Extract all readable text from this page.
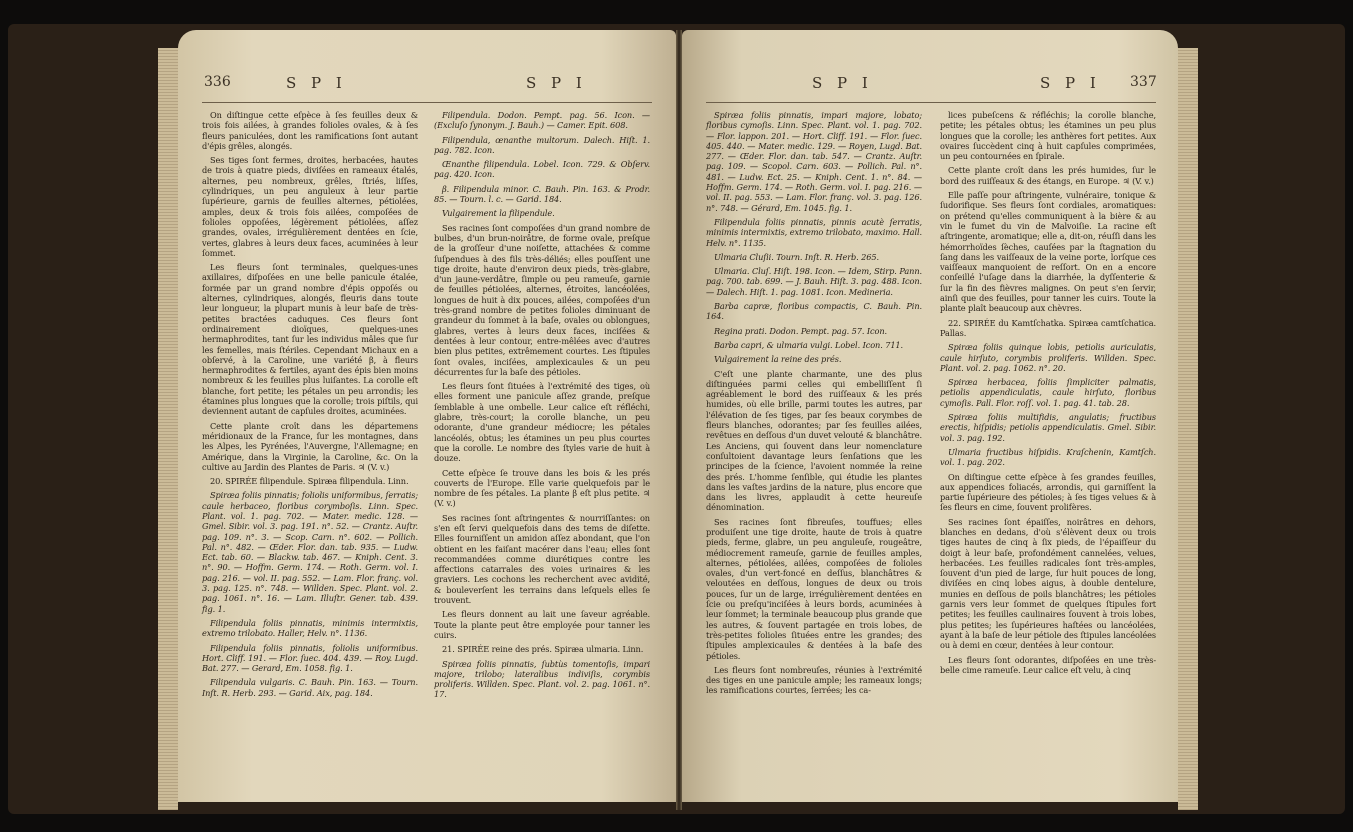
336	S P I	S P I

On diſtingue cette eſpèce à ſes feuilles deux & trois fois ailées, à grandes folioles ovales, & à ſes fleurs paniculées, dont les ramifications ſont autant d'épis grêles, alongés.

Ses tiges ſont fermes, droites, herbacées, hautes de trois à quatre pieds, diviſées en rameaux étalés, alternes, peu nombreux, grêles, ſtriés, liſſes, cylindriques, un peu anguleux à leur partie ſupérieure, garnis de feuilles alternes, pétiolées, amples, deux & trois fois ailées, compoſées de folioles oppoſées, légèrement pétiolées, aſſez grandes, ovales, irrégulièrement dentées en ſcie, vertes, glabres à leurs deux faces, acuminées à leur ſommet.

Les fleurs ſont terminales, quelques-unes axillaires, diſpoſées en une belle panicule étalée, formée par un grand nombre d'épis oppoſés ou alternes, cylindriques, alongés, fleuris dans toute leur longueur, la plupart munis à leur baſe de très-petites bractées caduques. Ces fleurs ſont ordinairement dioïques, quelques-unes hermaphrodites, tant ſur les individus mâles que ſur les femelles, mais ſtériles. Cependant Michaux en a obſervé, à la Caroline, une variété β, à fleurs hermaphrodites & fertiles, ayant des épis bien moins nombreux & les feuilles plus luiſantes. La corolle eſt blanche, fort petite; les pétales un peu arrondis; les étamines plus longues que la corolle; trois piſtils, qui deviennent autant de capſules droites, acuminées.

Cette plante croît dans les départemens méridionaux de la France, ſur les montagnes, dans les Alpes, les Pyrénées, l'Auvergne, l'Allemagne; en Amérique, dans la Virginie, la Caroline, &c. On la cultive au Jardin des Plantes de Paris. ♃ (V. v.)

20. SPIRÉE filipendule. Spiræa filipendula. Linn.

Spiræa foliis pinnatis; foliolis uniformibus, ſerratis; caule herbaceo, floribus corymboſis. Linn. Spec. Plant. vol. 1. pag. 702. — Mater. medic. 128. — Gmel. Sibir. vol. 3. pag. 191. n°. 52. — Crantz. Auſtr. pag. 109. n°. 3. — Scop. Carn. n°. 602. — Pollich. Pal. n°. 482. — Œder. Flor. dan. tab. 935. — Ludw. Ect. tab. 60. — Blackw. tab. 467. — Kniph. Cent. 3. n°. 90. — Hoffm. Germ. 174. — Roth. Germ. vol. I. pag. 216. — vol. II. pag. 552. — Lam. Flor. franç. vol. 3. pag. 125. n°. 748. — Willden. Spec. Plant. vol. 2. pag. 1061. n°. 16. — Lam. Illuſtr. Gener. tab. 439. fig. 1.

Filipendula foliis pinnatis, minimis intermixtis, extremo trilobato. Haller, Helv. n°. 1136.

Filipendula foliis pinnatis, foliolis uniformibus. Hort. Cliff. 191. — Flor. ſuec. 404. 439. — Roy. Lugd. Bat. 277. — Gerard, Em. 1058. fig. 1.

Filipendula vulgaris. C. Bauh. Pin. 163. — Tourn. Inſt. R. Herb. 293. — Garid. Aix, pag. 184.

Filipendula. Dodon. Pempt. pag. 56. Icon. — (Excluſo ſynonym. J. Bauh.) — Camer. Epit. 608.

Filipendula, œnanthe multorum. Dalech. Hiſt. 1. pag. 782. Icon.

Œnanthe filipendula. Lobel. Icon. 729. & Obſerv. pag. 420. Icon.

β. Filipendula minor. C. Bauh. Pin. 163. & Prodr. 85. — Tourn. l. c. — Garid. 184.

Vulgairement la filipendule.

Ses racines ſont compoſées d'un grand nombre de bulbes, d'un brun-noirâtre, de forme ovale, preſque de la groſſeur d'une noiſette, attachées & comme ſuſpendues à des fils très-déliés; elles pouſſent une tige droite, haute d'environ deux pieds, très-glabre, d'un jaune-verdâtre, ſimple ou peu rameuſe, garnie de feuilles pétiolées, alternes, étroites, lancéolées, longues de huit à dix pouces, ailées, compoſées d'un très-grand nombre de petites folioles diminuant de grandeur du ſommet à la baſe, ovales ou oblongues, glabres, vertes à leurs deux faces, inciſées & dentées à leur contour, entre-mêlées avec d'autres bien plus petites, extrêmement courtes. Les ſtipules ſont ovales, inciſées, amplexicaules & un peu décurrentes ſur la baſe des pétioles.

Les fleurs ſont ſituées à l'extrémité des tiges, où elles forment une panicule aſſez grande, preſque ſemblable à une ombelle. Leur calice eſt réfléchi, glabre, très-court; la corolle blanche, un peu odorante, d'une grandeur médiocre; les pétales lancéolés, obtus; les étamines un peu plus courtes que la corolle. Le nombre des ſtyles varie de huit à douze.

Cette eſpèce ſe trouve dans les bois & les prés couverts de l'Europe. Elle varie quelquefois par le nombre de ſes pétales. La plante β eſt plus petite. ♃ (V. v.)

Ses racines ſont aſtringentes & nourriſſantes: on s'en eſt ſervi quelquefois dans des tems de diſette. Elles fourniſſent un amidon aſſez abondant, que l'on obtient en les faiſant macérer dans l'eau; elles ſont recommandées comme diurétiques contre les affections catarrales des voies urinaires & les graviers. Les cochons les recherchent avec avidité, & bouleverſent les terrains dans leſquels elles ſe trouvent.

Les fleurs donnent au lait une ſaveur agréable. Toute la plante peut être employée pour tanner les cuirs.

21. SPIRÉE reine des prés. Spiræa ulmaria. Linn.

Spiræa foliis pinnatis, ſubtùs tomentoſis, impari majore, trilobo; lateralibus indiviſis, corymbis proliferis. Willden. Spec. Plant. vol. 2. pag. 1061. n°. 17.

S P I	S P I 337

Spiræa foliis pinnatis, impari majore, lobato; floribus cymoſis. Linn. Spec. Plant. vol. 1. pag. 702. — Flor. lappon. 201. — Hort. Cliff. 191. — Flor. ſuec. 405. 440. — Mater. medic. 129. — Royen, Lugd. Bat. 277. — Œder. Flor. dan. tab. 547. — Crantz. Auſtr. pag. 109. — Scopol. Carn. 603. — Pollich. Pal. n°. 481. — Ludw. Ect. 25. — Kniph. Cent. 1. n°. 84. — Hoffm. Germ. 174. — Roth. Germ. vol. I. pag. 216. — vol. II. pag. 553. — Lam. Flor. franç. vol. 3. pag. 126. n°. 748. — Gérard, Em. 1045. fig. 1.

Filipendula foliis pinnatis, pinnis acutè ſerratis, minimis intermixtis, extremo trilobato, maximo. Hall. Helv. n°. 1135.

Ulmaria Cluſii. Tourn. Inſt. R. Herb. 265.

Ulmaria. Cluſ. Hiſt. 198. Icon. — Idem, Stirp. Pann. pag. 700. tab. 699. — J. Bauh. Hiſt. 3. pag. 488. Icon. — Dalech. Hiſt. 1. pag. 1081. Icon. Medineria.

Barba capræ, floribus compactis, C. Bauh. Pin. 164.

Regina prati. Dodon. Pempt. pag. 57. Icon.

Barba capri, & ulmaria vulgi. Lobel. Icon. 711.

Vulgairement la reine des prés.

C'eſt une plante charmante, une des plus diſtinguées parmi celles qui embelliſſent ſi agréablement le bord des ruiſſeaux & les prés humides, où elle brille, parmi toutes les autres, par l'élévation de ſes tiges, par ſes beaux corymbes de fleurs blanches, odorantes; par ſes feuilles ailées, revêtues en deſſous d'un duvet velouté & blanchâtre. Les Anciens, qui ſouvent dans leur nomenclature conſultoient davantage leurs ſenſations que les principes de la ſcience, l'avoient nommée la reine des prés. L'homme ſenſible, qui étudie les plantes dans les vaſtes jardins de la nature, plus encore que dans les livres, applaudit à cette heureuſe dénomination.

Ses racines ſont fibreuſes, touffues; elles produiſent une tige droite, haute de trois à quatre pieds, ferme, glabre, un peu anguleuſe, rougeâtre, médiocrement rameuſe, garnie de feuilles amples, alternes, pétiolées, ailées, compoſées de folioles ovales, d'un vert-foncé en deſſus, blanchâtres & veloutées en deſſous, longues de deux ou trois pouces, ſur un de large, irrégulièrement dentées en ſcie ou preſqu'inciſées à leurs bords, acuminées à leur ſommet; la terminale beaucoup plus grande que les autres, & ſouvent partagée en trois lobes, de très-petites folioles ſituées entre les grandes; des ſtipules amplexicaules & dentées à la baſe des pétioles.

Les fleurs ſont nombreuſes, réunies à l'extrémité des tiges en une panicule ample; les rameaux longs; les ramifications courtes, ſerrées; les ca-

lices pubeſcens & réfléchis; la corolle blanche, petite; les pétales obtus; les étamines un peu plus longues que la corolle; les anthères fort petites. Aux ovaires ſuccèdent cinq à huit capſules comprimées, un peu contournées en ſpirale.

Cette plante croît dans les prés humides, ſur le bord des ruiſſeaux & des étangs, en Europe. ♃ (V. v.)

Elle paſſe pour aſtringente, vulnéraire, tonique & ſudorifique. Ses fleurs ſont cordiales, aromatiques: on prétend qu'elles communiquent à la bière & au vin le fumet du vin de Malvoiſie. La racine eſt aſtringente, aromatique; elle a, dit-on, réuſſi dans les hémorrhoïdes ſèches, cauſées par la ſtagnation du ſang dans les vaiſſeaux de la veine porte, lorſque ces vaiſſeaux manquoient de reſſort. On en a encore conſeillé l'uſage dans la diarrhée, la dyſſenterie & ſur la fin des fièvres malignes. On peut s'en ſervir, ainſi que des feuilles, pour tanner les cuirs. Toute la plante plaît beaucoup aux chèvres.

22. SPIRÉE du Kamtſchatka. Spiræa camtſchatica. Pallas.

Spiræa foliis quinque lobis, petiolis auriculatis, caule hirſuto, corymbis proliferis. Willden. Spec. Plant. vol. 2. pag. 1062. n°. 20.

Spiræa herbacea, foliis ſimpliciter palmatis, petiolis appendiculatis, caule hirſuto, floribus cymoſis. Pall. Flor. roſſ. vol. 1. pag. 41. tab. 28.

Spiræa foliis multifidis, angulatis; fructibus erectis, hiſpidis; petiolis appendiculatis. Gmel. Sibir. vol. 3. pag. 192.

Ulmaria fructibus hiſpidis. Kraſchenin, Kamtſch. vol. 1. pag. 202.

On diſtingue cette eſpèce à ſes grandes feuilles, aux appendices foliacés, arrondis, qui garniſſent la partie ſupérieure des pétioles; à ſes tiges velues & à ſes fleurs en cime, ſouvent prolifères.

Ses racines ſont épaiſſes, noirâtres en dehors, blanches en dedans, d'où s'élèvent deux ou trois tiges hautes de cinq à ſix pieds, de l'épaiſſeur du doigt à leur baſe, profondément cannelées, velues, herbacées. Les feuilles radicales ſont très-amples, ſouvent d'un pied de large, ſur huit pouces de long, diviſées en cinq lobes aigus, à double dentelure, munies en deſſous de poils blanchâtres; les pétioles garnis vers leur ſommet de quelques ſtipules fort petites; les feuilles caulinaires ſouvent à trois lobes, plus petites; les ſupérieures haſtées ou lancéolées, ayant à la baſe de leur pétiole des ſtipules lancéolées ou à demi en cœur, dentées à leur contour.

Les fleurs ſont odorantes, diſpoſées en une très-belle cime rameuſe. Leur calice eſt velu, à cinq
